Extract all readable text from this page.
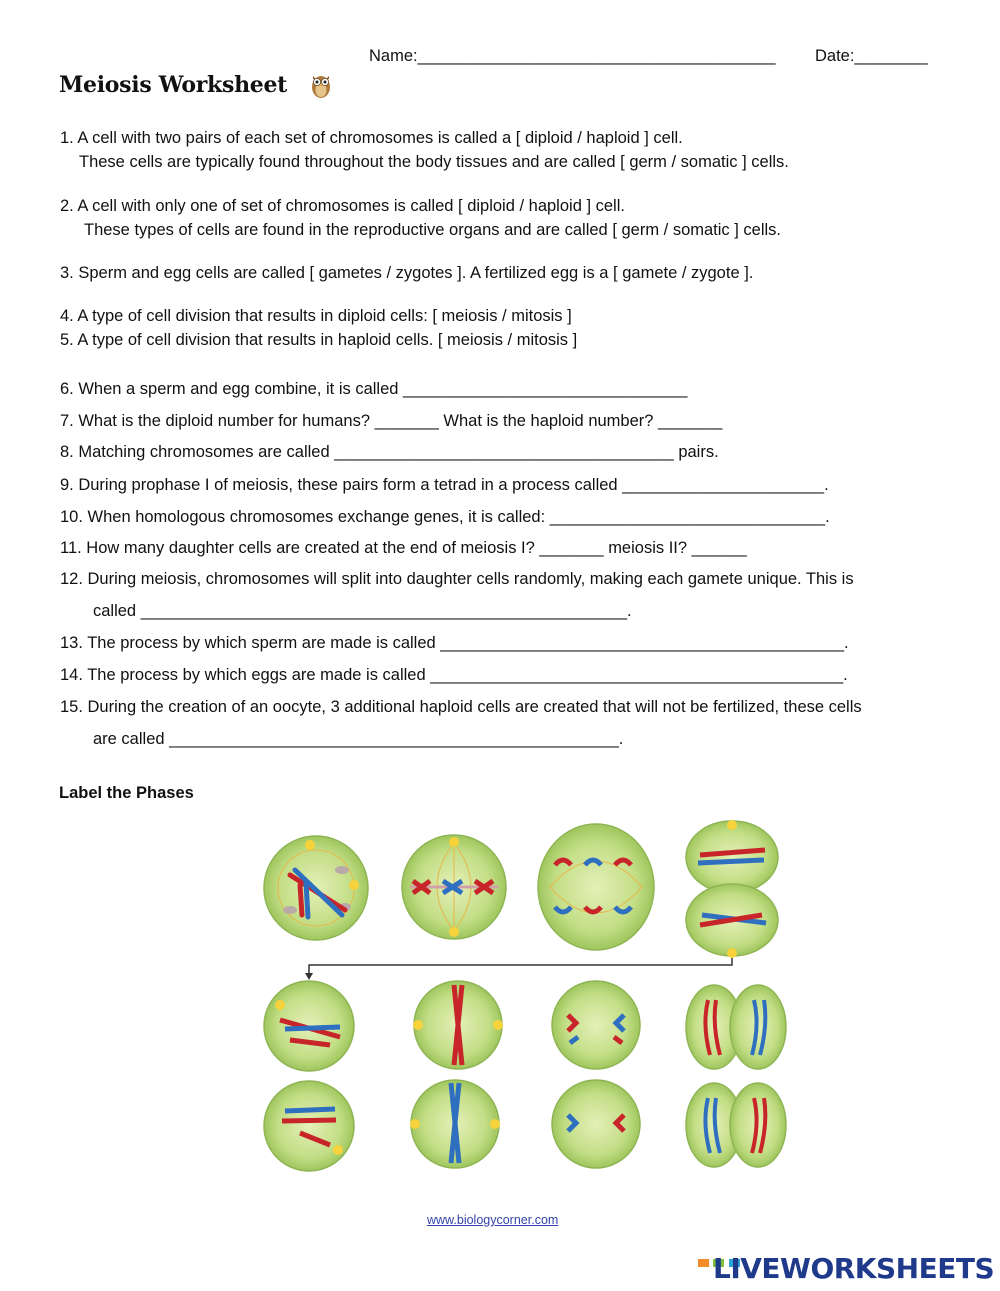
Name:_______________________________________ Date:________
Meiosis Worksheet
1. A cell with two pairs of each set of chromosomes is called a [ diploid / haploid ] cell.
These cells are typically found throughout the body tissues and are called [ germ / somatic ] cells.
2. A cell with only one of set of chromosomes is called [ diploid / haploid ] cell.
These types of cells are found in the reproductive organs and are called [ germ / somatic ] cells.
3. Sperm and egg cells are called [ gametes / zygotes ]. A fertilized egg is a [ gamete / zygote ].
4. A type of cell division that results in diploid cells: [ meiosis / mitosis ]
5. A type of cell division that results in haploid cells. [ meiosis / mitosis ]
6. When a sperm and egg combine, it is called _______________________________
7. What is the diploid number for humans? _______ What is the haploid number? _______
8. Matching chromosomes are called _____________________________________ pairs.
9. During prophase I of meiosis, these pairs form a tetrad in a process called ______________________.
10. When homologous chromosomes exchange genes, it is called: ______________________________.
11. How many daughter cells are created at the end of meiosis I? _______ meiosis II? ______
12. During meiosis, chromosomes will split into daughter cells randomly, making each gamete unique. This is
called _____________________________________________________.
13. The process by which sperm are made is called ____________________________________________.
14. The process by which eggs are made is called _____________________________________________.
15. During the creation of an oocyte, 3 additional haploid cells are created that will not be fertilized, these cells
are called _________________________________________________.
Label the Phases
www.biologycorner.com

LIVEWORKSHEETS
